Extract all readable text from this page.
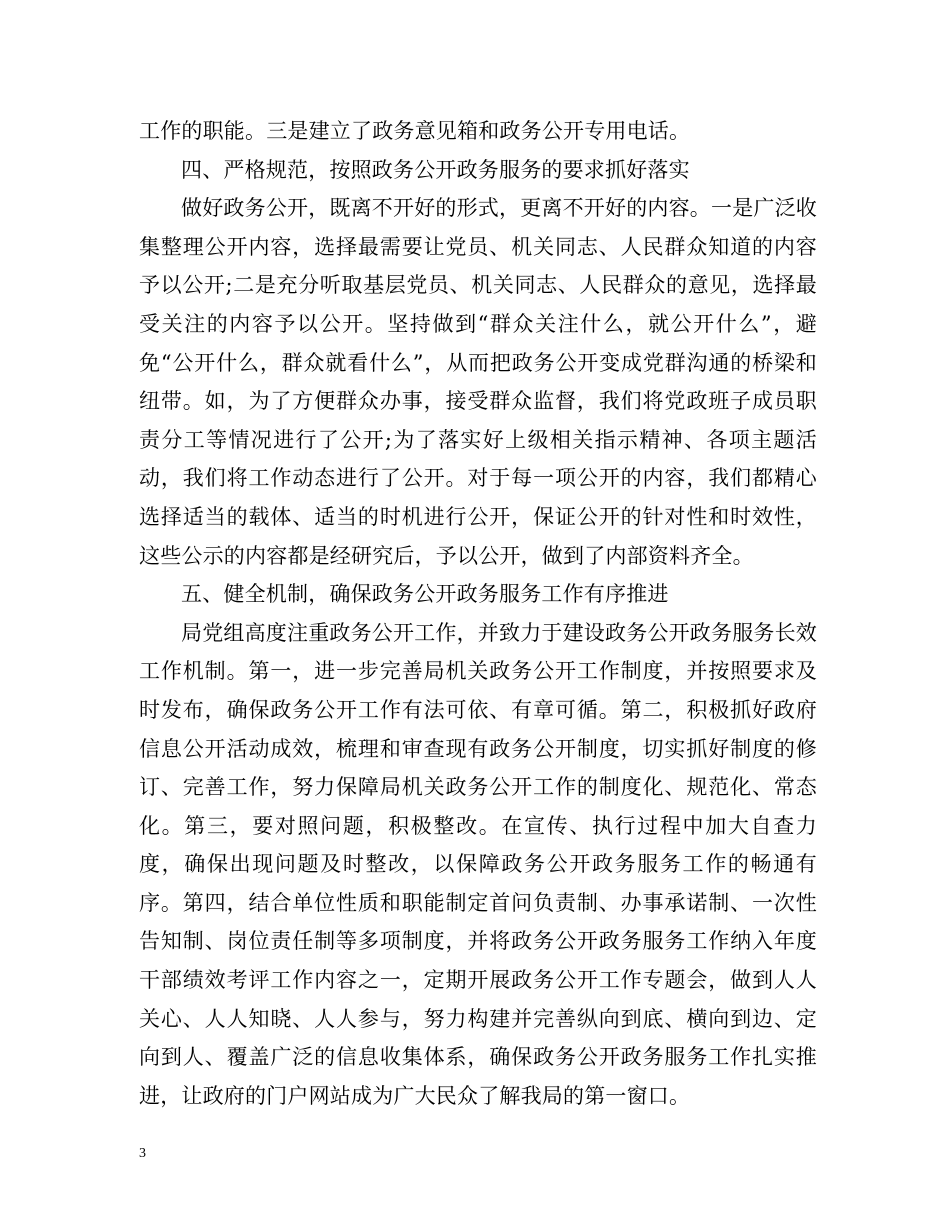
工作的职能。三是建立了政务意见箱和政务公开专用电话。

四、严格规范，按照政务公开政务服务的要求抓好落实

做好政务公开，既离不开好的形式，更离不开好的内容。一是广泛收集整理公开内容，选择最需要让党员、机关同志、人民群众知道的内容予以公开;二是充分听取基层党员、机关同志、人民群众的意见，选择最受关注的内容予以公开。坚持做到“群众关注什么，就公开什么”，避免“公开什么，群众就看什么”，从而把政务公开变成党群沟通的桥梁和纽带。如，为了方便群众办事，接受群众监督，我们将党政班子成员职责分工等情况进行了公开;为了落实好上级相关指示精神、各项主题活动，我们将工作动态进行了公开。对于每一项公开的内容，我们都精心选择适当的载体、适当的时机进行公开，保证公开的针对性和时效性，这些公示的内容都是经研究后，予以公开，做到了内部资料齐全。

五、健全机制，确保政务公开政务服务工作有序推进

局党组高度注重政务公开工作，并致力于建设政务公开政务服务长效工作机制。第一，进一步完善局机关政务公开工作制度，并按照要求及时发布，确保政务公开工作有法可依、有章可循。第二，积极抓好政府信息公开活动成效，梳理和审查现有政务公开制度，切实抓好制度的修订、完善工作，努力保障局机关政务公开工作的制度化、规范化、常态化。第三，要对照问题，积极整改。在宣传、执行过程中加大自查力度，确保出现问题及时整改，以保障政务公开政务服务工作的畅通有序。第四，结合单位性质和职能制定首问负责制、办事承诺制、一次性告知制、岗位责任制等多项制度，并将政务公开政务服务工作纳入年度干部绩效考评工作内容之一，定期开展政务公开工作专题会，做到人人关心、人人知晓、人人参与，努力构建并完善纵向到底、横向到边、定向到人、覆盖广泛的信息收集体系，确保政务公开政务服务工作扎实推进，让政府的门户网站成为广大民众了解我局的第一窗口。

3
